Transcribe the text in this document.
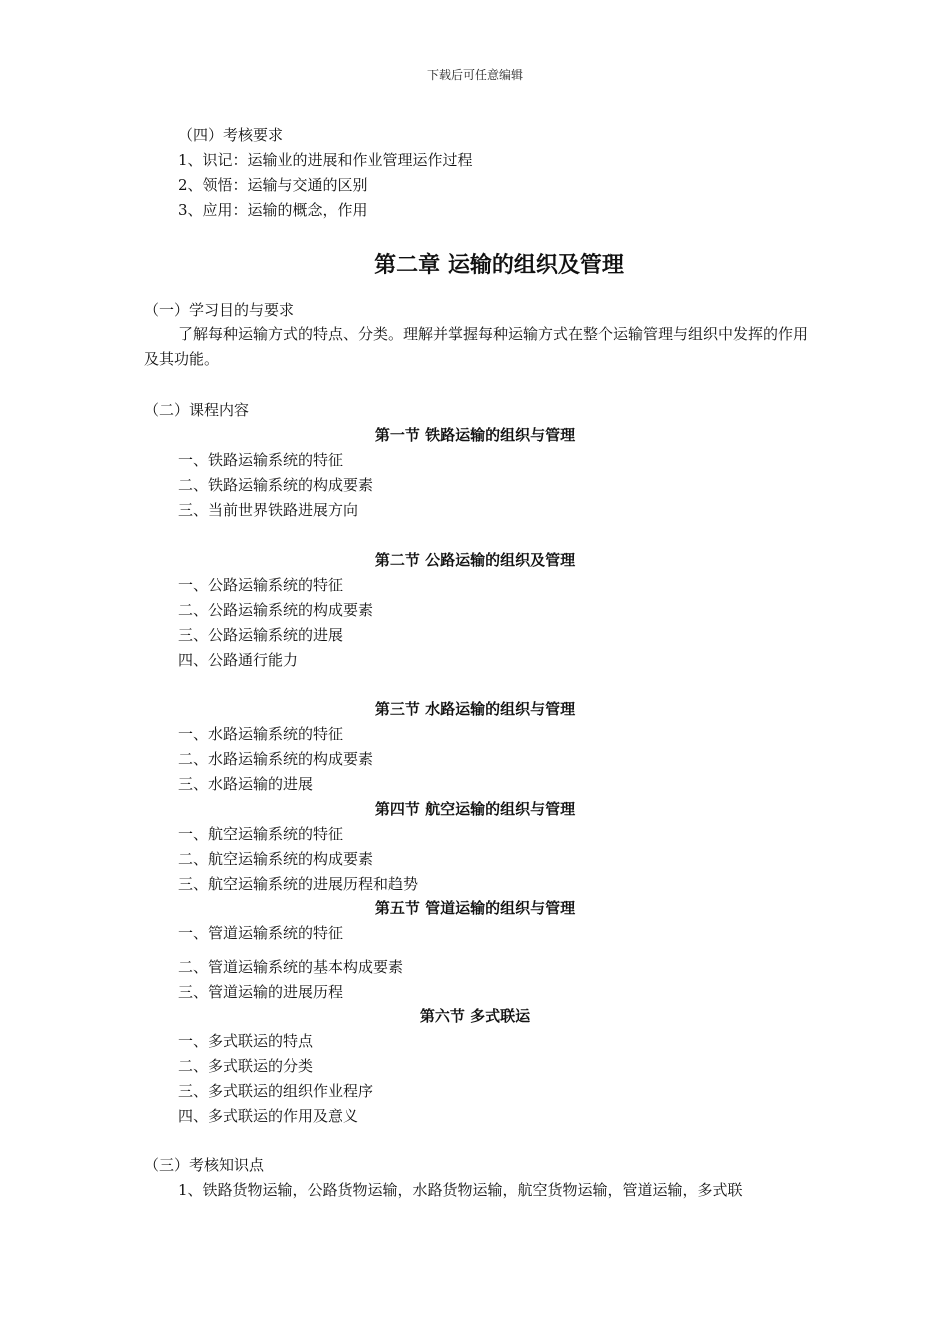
下载后可任意编辑
（四）考核要求
1、识记：运输业的进展和作业管理运作过程
2、领悟：运输与交通的区别
3、应用：运输的概念，作用
第二章 运输的组织及管理
（一）学习目的与要求
了解每种运输方式的特点、分类。理解并掌握每种运输方式在整个运输管理与组织中发挥的作用及其功能。
（二）课程内容
第一节 铁路运输的组织与管理
一、铁路运输系统的特征
二、铁路运输系统的构成要素
三、当前世界铁路进展方向
第二节 公路运输的组织及管理
一、公路运输系统的特征
二、公路运输系统的构成要素
三、公路运输系统的进展
四、公路通行能力
第三节 水路运输的组织与管理
一、水路运输系统的特征
二、水路运输系统的构成要素
三、水路运输的进展
第四节 航空运输的组织与管理
一、航空运输系统的特征
二、航空运输系统的构成要素
三、航空运输系统的进展历程和趋势
第五节 管道运输的组织与管理
一、管道运输系统的特征
二、管道运输系统的基本构成要素
三、管道运输的进展历程
第六节 多式联运
一、多式联运的特点
二、多式联运的分类
三、多式联运的组织作业程序
四、多式联运的作用及意义
（三）考核知识点
1、铁路货物运输，公路货物运输，水路货物运输，航空货物运输，管道运输，多式联
